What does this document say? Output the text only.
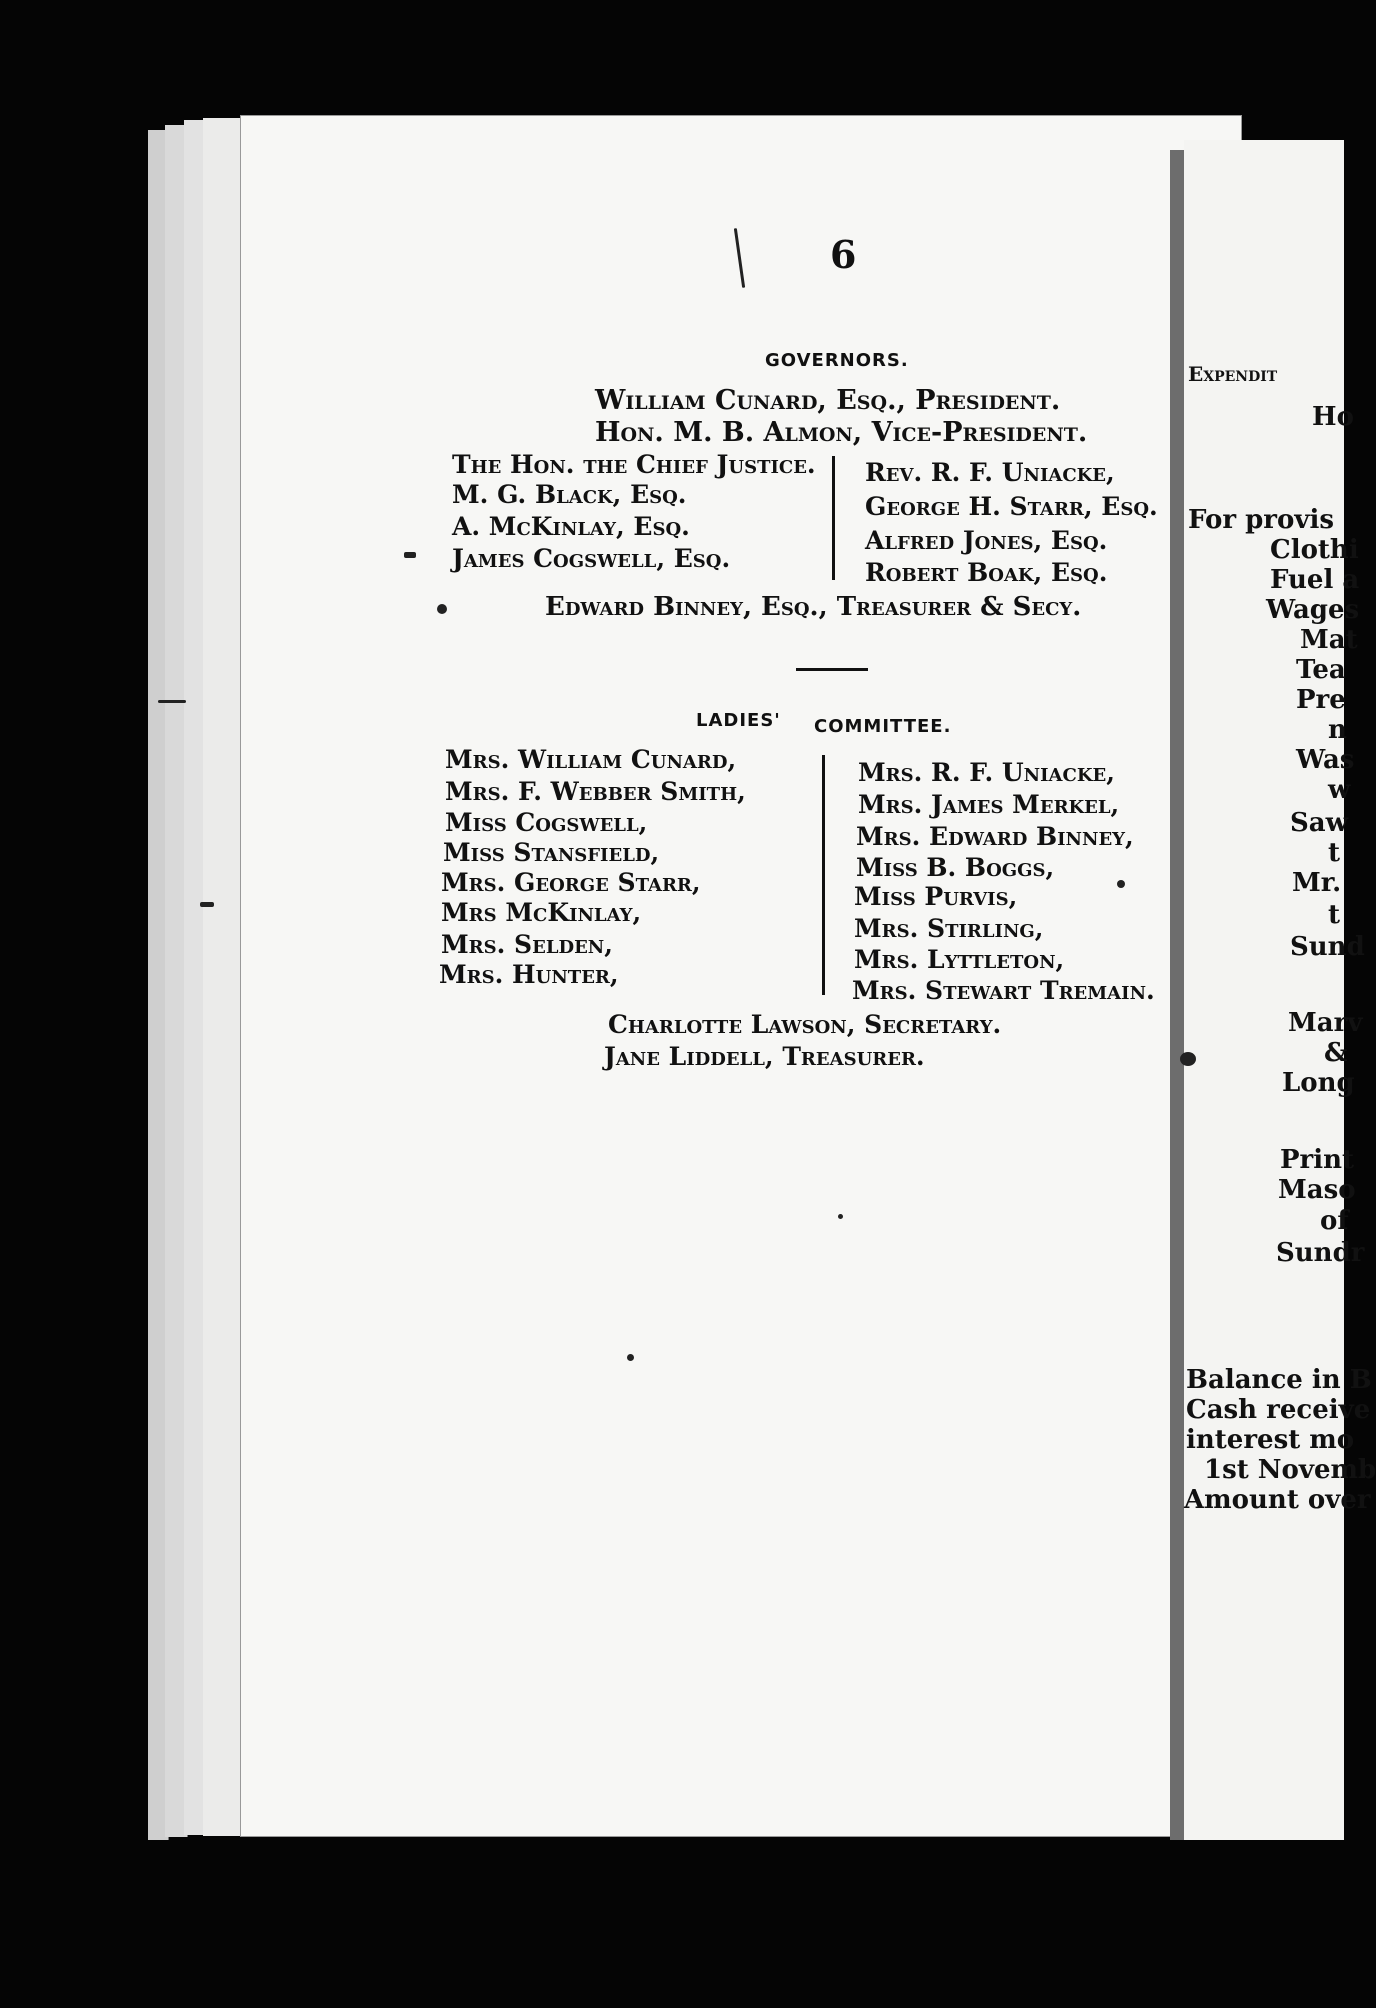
Expendit
Ho
For provis
Clothi
Fuel a
Wages
Mat
Tea
Pre
n
Was
w
Saw
t
Mr.
t
Sund
Marv
&
Long
Print
Maso
of
Sundr
Balance in B
Cash receive
interest mo
1st Novemb
Amount over
6
GOVERNORS.
William Cunard, Esq., President.
Hon. M. B. Almon, Vice-President.
The Hon. the Chief Justice.
M. G. Black, Esq.
A. McKinlay, Esq.
James Cogswell, Esq.
Rev. R. F. Uniacke,
George H. Starr, Esq.
Alfred Jones, Esq.
Robert Boak, Esq.
Edward Binney, Esq., Treasurer & Secy.
LADIES' COMMITTEE.
Mrs. William Cunard,
Mrs. F. Webber Smith,
Miss Cogswell,
Miss Stansfield,
Mrs. George Starr,
Mrs McKinlay,
Mrs. Selden,
Mrs. Hunter,
Mrs. R. F. Uniacke,
Mrs. James Merkel,
Mrs. Edward Binney,
Miss B. Boggs,
Miss Purvis,
Mrs. Stirling,
Mrs. Lyttleton,
Mrs. Stewart Tremain.
Charlotte Lawson, Secretary.
Jane Liddell, Treasurer.
